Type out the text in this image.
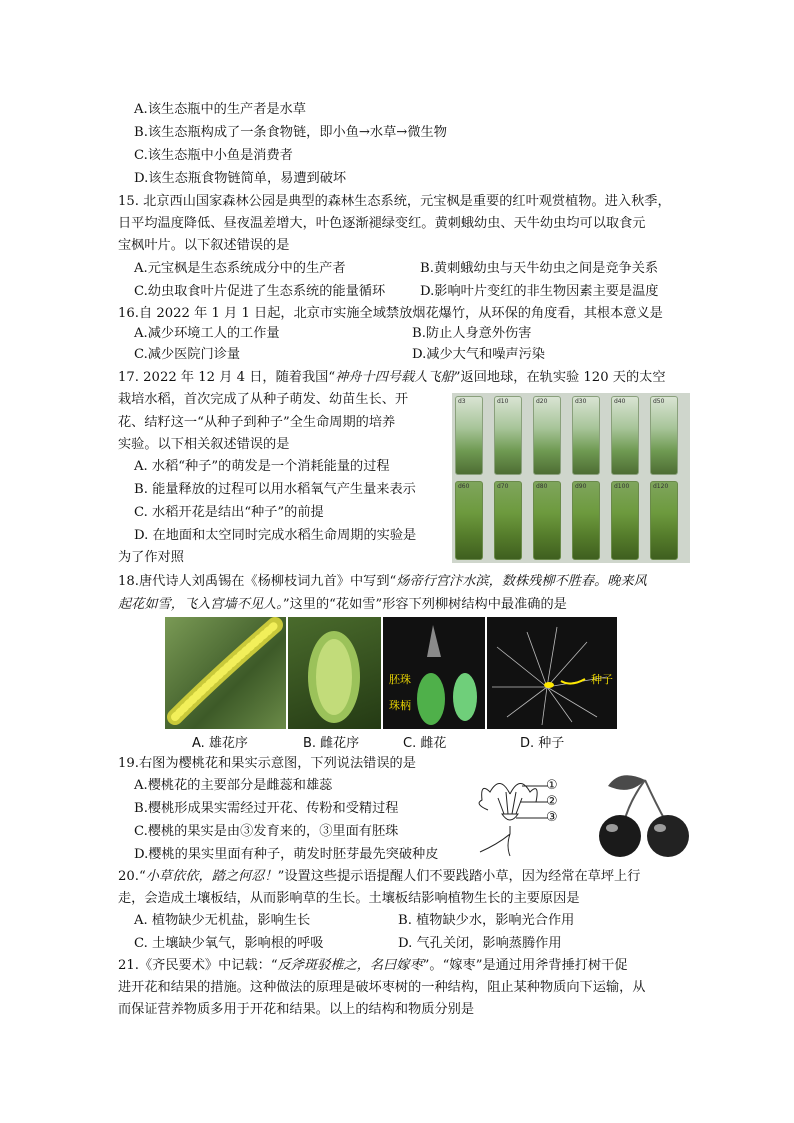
A.该生态瓶中的生产者是水草
B.该生态瓶构成了一条食物链，即小鱼→水草→微生物
C.该生态瓶中小鱼是消费者
D.该生态瓶食物链简单，易遭到破坏
15. 北京西山国家森林公园是典型的森林生态系统，元宝枫是重要的红叶观赏植物。进入秋季，
日平均温度降低、昼夜温差增大，叶色逐渐褪绿变红。黄刺蛾幼虫、天牛幼虫均可以取食元
宝枫叶片。以下叙述错误的是
A.元宝枫是生态系统成分中的生产者	B.黄刺蛾幼虫与天牛幼虫之间是竞争关系
C.幼虫取食叶片促进了生态系统的能量循环	D.影响叶片变红的非生物因素主要是温度
16.自 2022 年 1 月 1 日起，北京市实施全域禁放烟花爆竹，从环保的角度看，其根本意义是
A.减少环境工人的工作量	B.防止人身意外伤害
C.减少医院门诊量	D.减少大气和噪声污染
17. 2022 年 12 月 4 日，随着我国“神舟十四号载人飞船”返回地球，在轨实验 120 天的太空
栽培水稻，首次完成了从种子萌发、幼苗生长、开
花、结籽这一“从种子到种子”全生命周期的培养
实验。以下相关叙述错误的是
A. 水稻“种子”的萌发是一个消耗能量的过程
B. 能量释放的过程可以用水稻氧气产生量来表示
C. 水稻开花是结出“种子”的前提
D. 在地面和太空同时完成水稻生命周期的实验是
为了作对照
d3	d10	d20	d30	d40	d50
d60	d70	d80	d90	d100	d120
18.唐代诗人刘禹锡在《杨柳枝词九首》中写到“炀帝行宫汴水滨，数株残柳不胜春。晚来风
起花如雪，飞入宫墙不见人。”这里的“花如雪”形容下列柳树结构中最准确的是
胚珠
珠柄
种子
A. 雄花序	B. 雌花序	C. 雌花	D. 种子
19.右图为樱桃花和果实示意图，下列说法错误的是
A.樱桃花的主要部分是雌蕊和雄蕊
B.樱桃形成果实需经过开花、传粉和受精过程
C.樱桃的果实是由③发育来的，③里面有胚珠
D.樱桃的果实里面有种子，萌发时胚芽最先突破种皮
①
②
③
20.“小草依依，踏之何忍！”设置这些提示语提醒人们不要践踏小草，因为经常在草坪上行
走，会造成土壤板结，从而影响草的生长。土壤板结影响植物生长的主要原因是
A. 植物缺少无机盐，影响生长	B. 植物缺少水，影响光合作用
C. 土壤缺少氧气，影响根的呼吸	D. 气孔关闭，影响蒸腾作用
21.《齐民要术》中记载：“反斧斑驳椎之，名曰嫁枣”。“嫁枣”是通过用斧背捶打树干促
进开花和结果的措施。这种做法的原理是破坏枣树的一种结构，阻止某种物质向下运输，从
而保证营养物质多用于开花和结果。以上的结构和物质分别是
